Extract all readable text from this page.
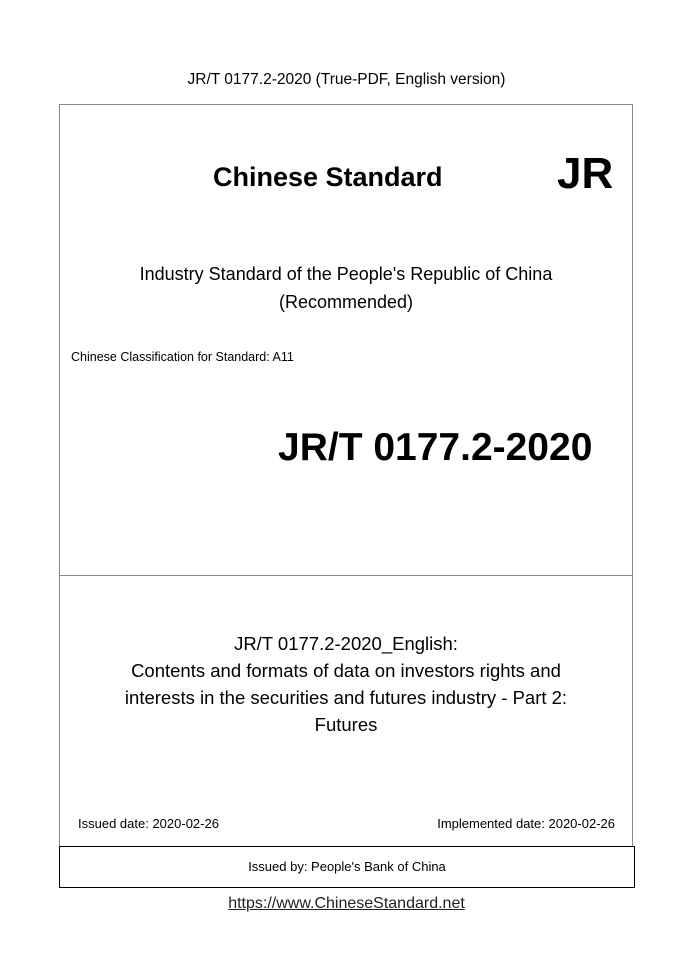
JR/T 0177.2-2020 (True-PDF, English version)
Chinese Standard	JR
Industry Standard of the People's Republic of China
(Recommended)
Chinese Classification for Standard: A11
JR/T 0177.2-2020
JR/T 0177.2-2020_English:
Contents and formats of data on investors rights and
interests in the securities and futures industry - Part 2:
Futures
Issued date: 2020-02-26	Implemented date: 2020-02-26
Issued by: People's Bank of China
https://www.ChineseStandard.net
